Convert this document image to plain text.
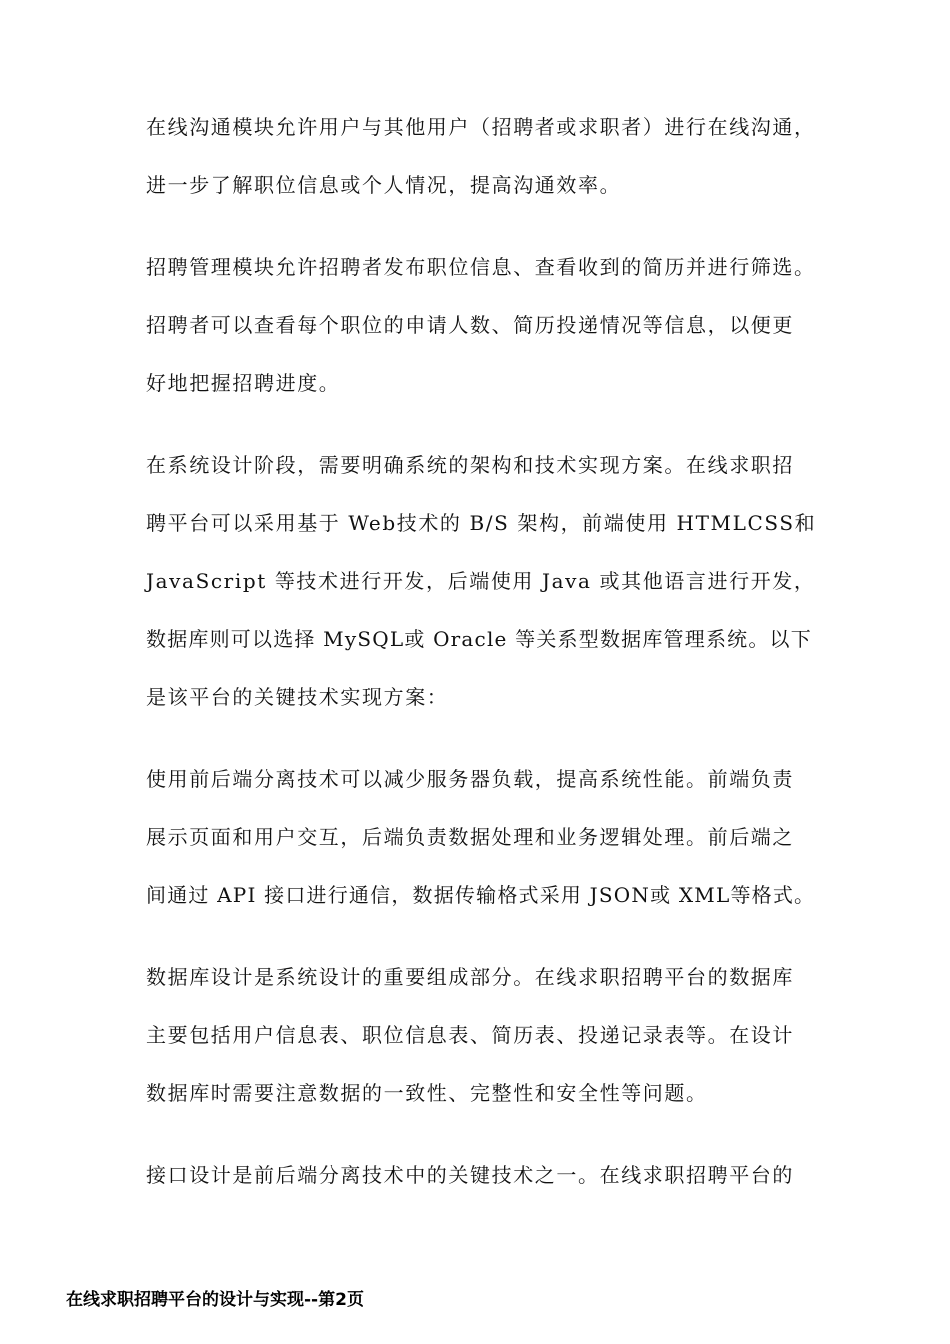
在线沟通模块允许用户与其他用户（招聘者或求职者）进行在线沟通，
进一步了解职位信息或个人情况，提高沟通效率。
招聘管理模块允许招聘者发布职位信息、查看收到的简历并进行筛选。
招聘者可以查看每个职位的申请人数、简历投递情况等信息，以便更
好地把握招聘进度。
在系统设计阶段，需要明确系统的架构和技术实现方案。在线求职招
聘平台可以采用基于 Web技术的 B/S 架构，前端使用 HTMLCSS和
JavaScript 等技术进行开发，后端使用 Java 或其他语言进行开发，
数据库则可以选择 MySQL或 Oracle 等关系型数据库管理系统。以下
是该平台的关键技术实现方案：
使用前后端分离技术可以减少服务器负载，提高系统性能。前端负责
展示页面和用户交互，后端负责数据处理和业务逻辑处理。前后端之
间通过 API 接口进行通信，数据传输格式采用 JSON或 XML等格式。
数据库设计是系统设计的重要组成部分。在线求职招聘平台的数据库
主要包括用户信息表、职位信息表、简历表、投递记录表等。在设计
数据库时需要注意数据的一致性、完整性和安全性等问题。
接口设计是前后端分离技术中的关键技术之一。在线求职招聘平台的
在线求职招聘平台的设计与实现--第2页
